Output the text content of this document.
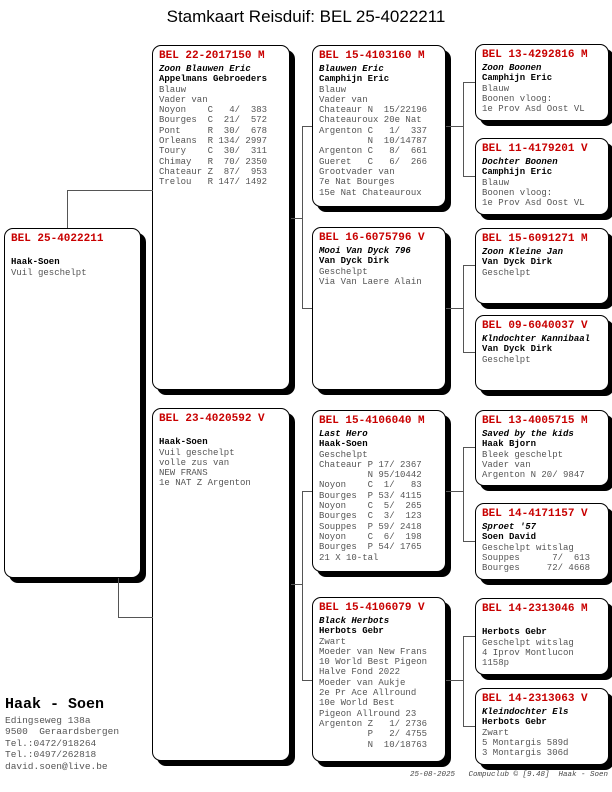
Stamkaart Reisduif: BEL 25-4022211
BEL 25-4022211

Haak-Soen
Vuil geschelpt
BEL 22-2017150 M
Zoon Blauwen Eric
Appelmans Gebroeders
Blauw
Vader van
Noyon    C   4/  383
Bourges  C  21/  572
Pont     R  30/  678
Orleans  R 134/ 2997
Toury    C  30/  311
Chimay   R  70/ 2350
Chateaur Z  87/  953
Trelou   R 147/ 1492
BEL 23-4020592 V

Haak-Soen
Vuil geschelpt
volle zus van
NEW FRANS
1e NAT Z Argenton
BEL 15-4103160 M
Blauwen Eric
Camphijn Eric
Blauw
Vader van
Chateaur N  15/22196
Chateauroux 20e Nat
Argenton C   1/  337
N  10/14787
Argenton C   8/  661
Gueret   C   6/  266
Grootvader van
7e Nat Bourges
15e Nat Chateauroux
BEL 16-6075796 V
Mooi Van Dyck 796
Van Dyck Dirk
Geschelpt
Via Van Laere Alain
BEL 15-4106040 M
Last Hero
Haak-Soen
Geschelpt
Chateaur P 17/ 2367
N 95/10442
Noyon    C  1/   83
Bourges  P 53/ 4115
Noyon    C  5/  265
Bourges  C  3/  123
Souppes  P 59/ 2418
Noyon    C  6/  198
Bourges  P 54/ 1765
21 X 10-tal
BEL 15-4106079 V
Black Herbots
Herbots Gebr
Zwart
Moeder van New Frans
10 World Best Pigeon
Halve Fond 2022
Moeder van Aukje
2e Pr Ace Allround
10e World Best
Pigeon Allround 23
Argenton Z   1/ 2736
P   2/ 4755
N  10/18763
BEL 13-4292816 M
Zoon Boonen
Camphijn Eric
Blauw
Boonen vloog:
1e Prov Asd Oost VL
BEL 11-4179201 V
Dochter Boonen
Camphijn Eric
Blauw
Boonen vloog:
1e Prov Asd Oost VL
BEL 15-6091271 M
Zoon Kleine Jan
Van Dyck Dirk
Geschelpt
BEL 09-6040037 V
Klndochter Kannibaal
Van Dyck Dirk
Geschelpt
BEL 13-4005715 M
Saved by the kids
Haak Bjorn
Bleek geschelpt
Vader van
Argenton N 20/ 9847
BEL 14-4171157 V
Sproet '57
Soen David
Geschelpt witslag
Souppes      7/  613
Bourges     72/ 4668
BEL 14-2313046 M

Herbots Gebr
Geschelpt witslag
4 Iprov Montlucon
1158p
BEL 14-2313063 V
Kleindochter Els
Herbots Gebr
Zwart
5 Montargis 589d
3 Montargis 306d
Haak - Soen
Edingseweg 138a
9500  Geraardsbergen
Tel.:0472/918264
Tel.:0497/262818
david.soen@live.be
25-08-2025   Compuclub © [9.48]  Haak - Soen
